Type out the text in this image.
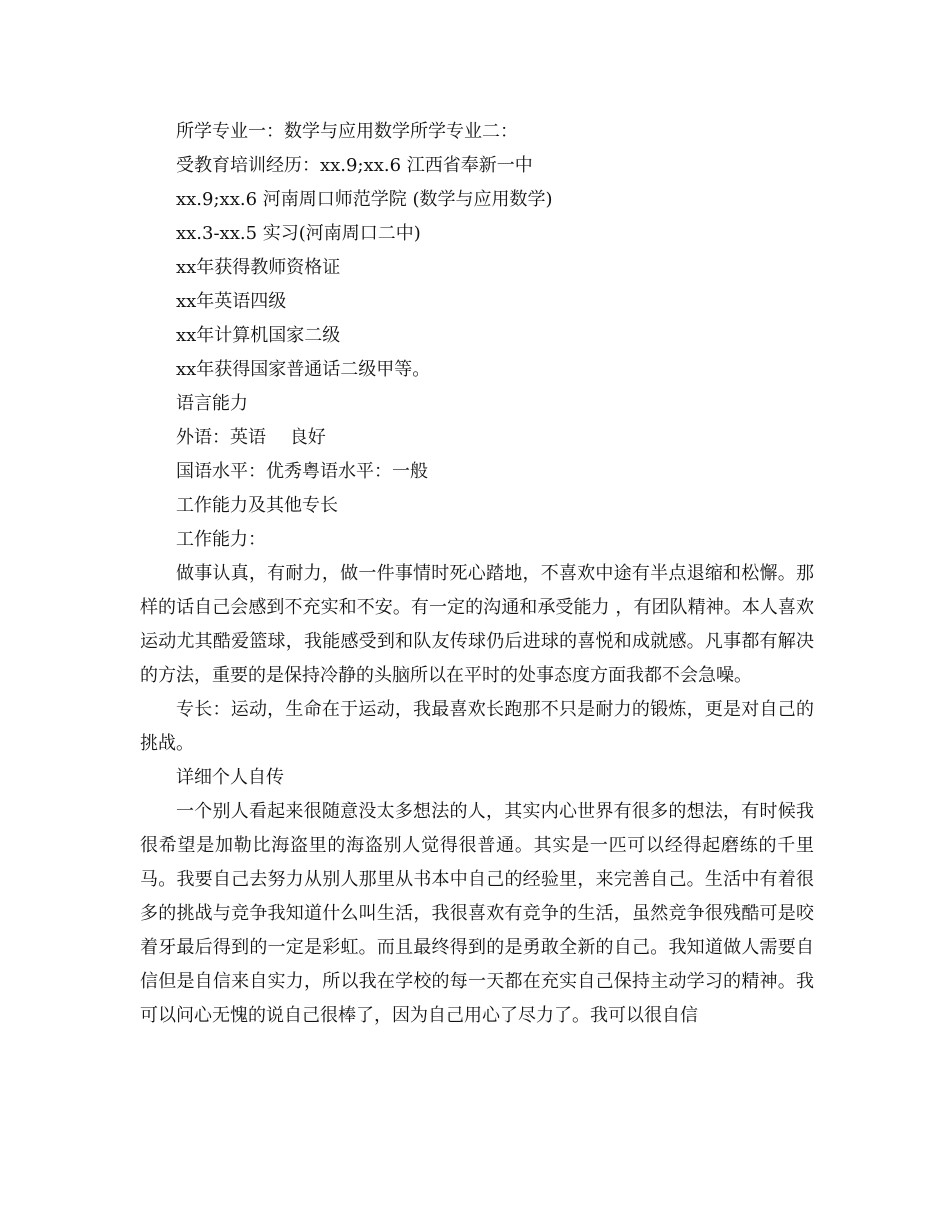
所学专业一：数学与应用数学所学专业二：

受教育培训经历：xx.9;xx.6 江西省奉新一中

xx.9;xx.6 河南周口师范学院 (数学与应用数学)

xx.3-xx.5 实习(河南周口二中)

xx年获得教师资格证

xx年英语四级

xx年计算机国家二级

xx年获得国家普通话二级甲等。

语言能力

外语：英语　 良好

国语水平：优秀粤语水平：一般

工作能力及其他专长

工作能力：

做事认真，有耐力，做一件事情时死心踏地，不喜欢中途有半点退缩和松懈。那样的话自己会感到不充实和不安。有一定的沟通和承受能力 ，有团队精神。本人喜欢运动尤其酷爱篮球，我能感受到和队友传球仍后进球的喜悦和成就感。凡事都有解决的方法，重要的是保持冷静的头脑所以在平时的处事态度方面我都不会急噪。

专长：运动，生命在于运动，我最喜欢长跑那不只是耐力的锻炼，更是对自己的挑战。

详细个人自传

一个别人看起来很随意没太多想法的人，其实内心世界有很多的想法，有时候我很希望是加勒比海盗里的海盗别人觉得很普通。其实是一匹可以经得起磨练的千里马。我要自己去努力从别人那里从书本中自己的经验里，来完善自己。生活中有着很多的挑战与竞争我知道什么叫生活，我很喜欢有竞争的生活，虽然竞争很残酷可是咬着牙最后得到的一定是彩虹。而且最终得到的是勇敢全新的自己。我知道做人需要自信但是自信来自实力，所以我在学校的每一天都在充实自己保持主动学习的精神。我可以问心无愧的说自己很棒了，因为自己用心了尽力了。我可以很自信
